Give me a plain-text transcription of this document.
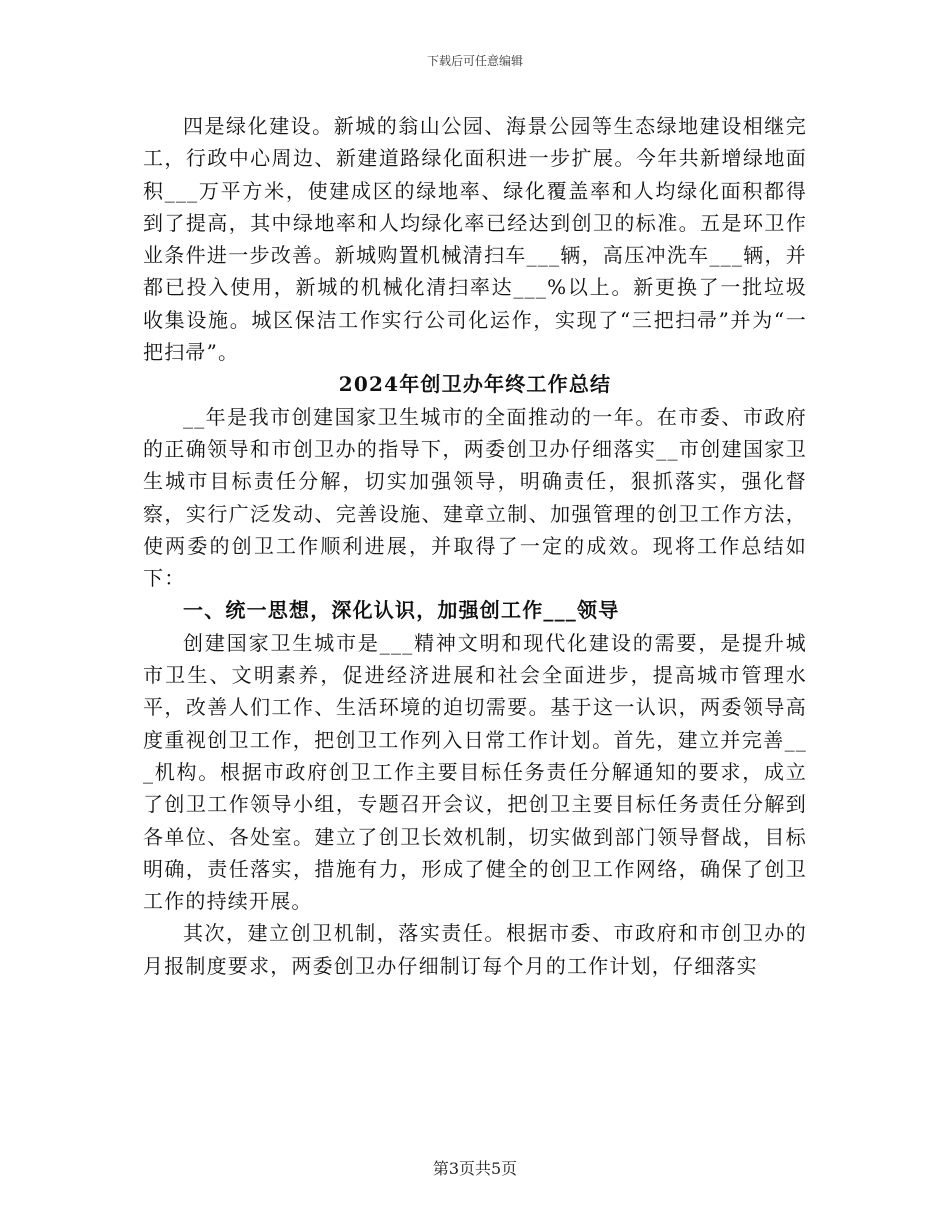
下载后可任意编辑

四是绿化建设。新城的翁山公园、海景公园等生态绿地建设相继完工，行政中心周边、新建道路绿化面积进一步扩展。今年共新增绿地面积___万平方米，使建成区的绿地率、绿化覆盖率和人均绿化面积都得到了提高，其中绿地率和人均绿化率已经达到创卫的标准。五是环卫作业条件进一步改善。新城购置机械清扫车___辆，高压冲洗车___辆，并都已投入使用，新城的机械化清扫率达___%以上。新更换了一批垃圾收集设施。城区保洁工作实行公司化运作，实现了“三把扫帚”并为“一把扫帚”。

2024年创卫办年终工作总结

__年是我市创建国家卫生城市的全面推动的一年。在市委、市政府的正确领导和市创卫办的指导下，两委创卫办仔细落实__市创建国家卫生城市目标责任分解，切实加强领导，明确责任，狠抓落实，强化督察，实行广泛发动、完善设施、建章立制、加强管理的创卫工作方法，使两委的创卫工作顺利进展，并取得了一定的成效。现将工作总结如下：

一、统一思想，深化认识，加强创工作___领导

创建国家卫生城市是___精神文明和现代化建设的需要，是提升城市卫生、文明素养，促进经济进展和社会全面进步，提高城市管理水平，改善人们工作、生活环境的迫切需要。基于这一认识，两委领导高度重视创卫工作，把创卫工作列入日常工作计划。首先，建立并完善___机构。根据市政府创卫工作主要目标任务责任分解通知的要求，成立了创卫工作领导小组，专题召开会议，把创卫主要目标任务责任分解到各单位、各处室。建立了创卫长效机制，切实做到部门领导督战，目标明确，责任落实，措施有力，形成了健全的创卫工作网络，确保了创卫工作的持续开展。

其次，建立创卫机制，落实责任。根据市委、市政府和市创卫办的月报制度要求，两委创卫办仔细制订每个月的工作计划，仔细落实

第3页共5页
